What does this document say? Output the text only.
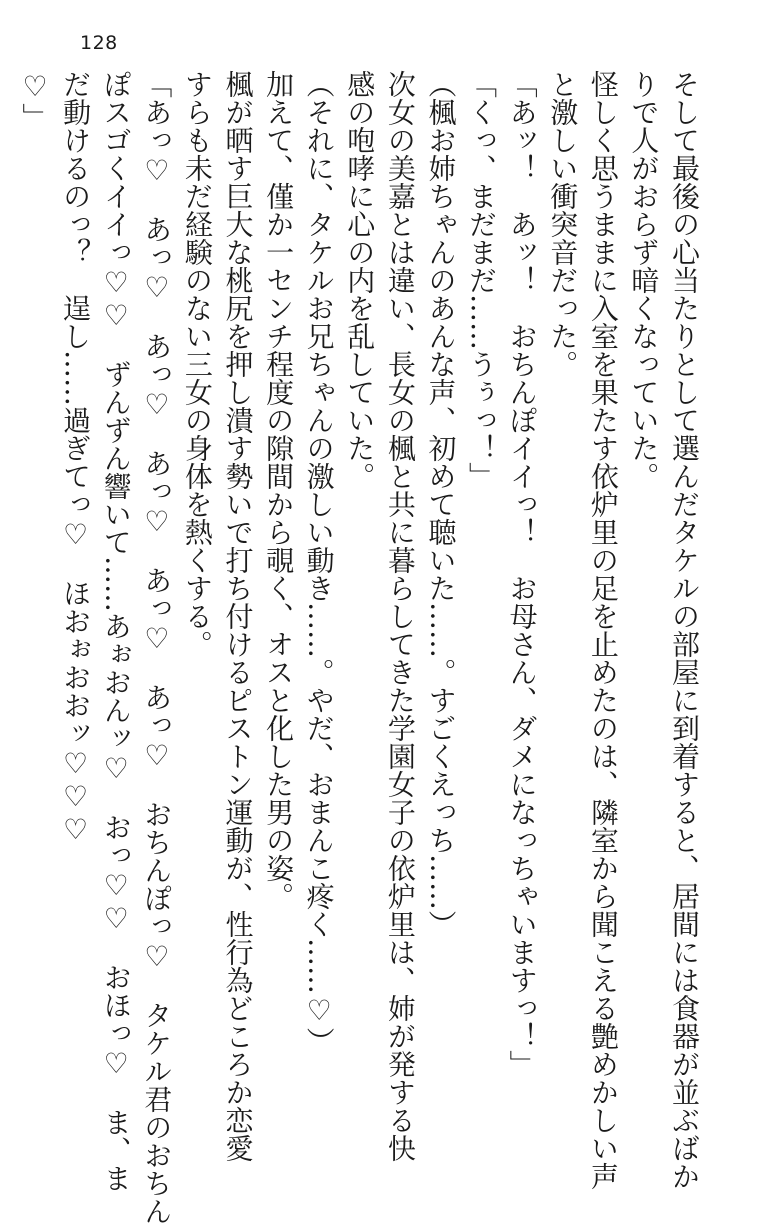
128

そして最後の心当たりとして選んだタケルの部屋に到着すると、居間には食器が並ぶばか

りで人がおらず暗くなっていた。

怪しく思うままに入室を果たす依炉里の足を止めたのは、隣室から聞こえる艶めかしい声

と激しい衝突音だった。

「あッ！　あッ！　おちんぽイイっ！　お母さん、ダメになっちゃいますっ！」

「くっ、まだまだ……うぅっ！」

（楓お姉ちゃんのあんな声、初めて聴いた……。すごくえっち……）

次女の美嘉とは違い、長女の楓と共に暮らしてきた学園女子の依炉里は、姉が発する快

感の咆哮に心の内を乱していた。

（それに、タケルお兄ちゃんの激しい動き……。やだ、おまんこ疼く……♡）

加えて、僅か一センチ程度の隙間から覗く、オスと化した男の姿。

楓が晒す巨大な桃尻を押し潰す勢いで打ち付けるピストン運動が、性行為どころか恋愛

すらも未だ経験のない三女の身体を熱くする。

「あっ♡　あっ♡　あっ♡　あっ♡　あっ♡　あっ♡　おちんぽっ♡　タケル君のおちん

ぽスゴくイイっ♡♡　ずんずん響いて……あぉおんッ♡　おっ♡♡　おほっ♡　ま、ま

だ動けるのっ？　逞し……過ぎてっ♡　ほおぉおおッ♡♡♡

♡」
